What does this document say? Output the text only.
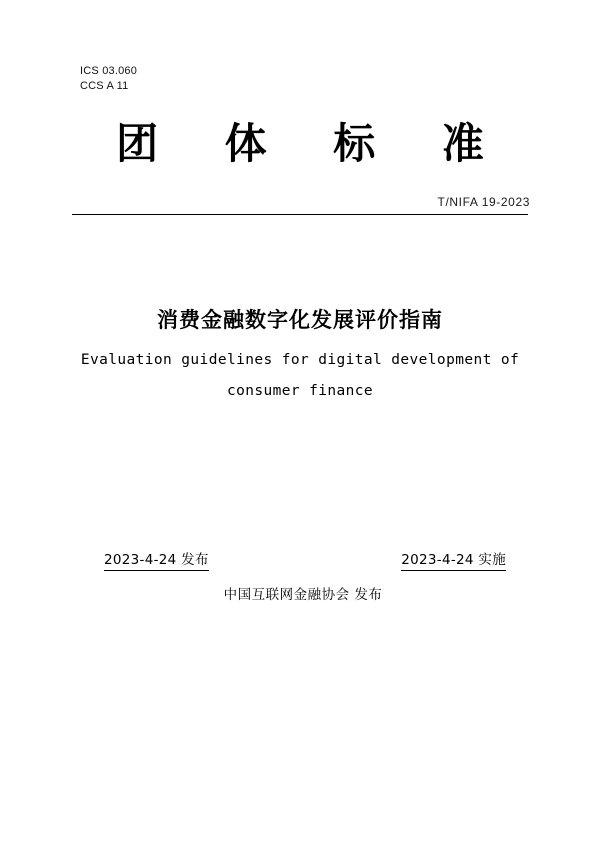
ICS 03.060
CCS A 11
团 体 标 准
T/NIFA 19-2023
消费金融数字化发展评价指南
Evaluation guidelines for digital development of
consumer finance
2023-4-24 发布	2023-4-24 实施
中国互联网金融协会 发布
